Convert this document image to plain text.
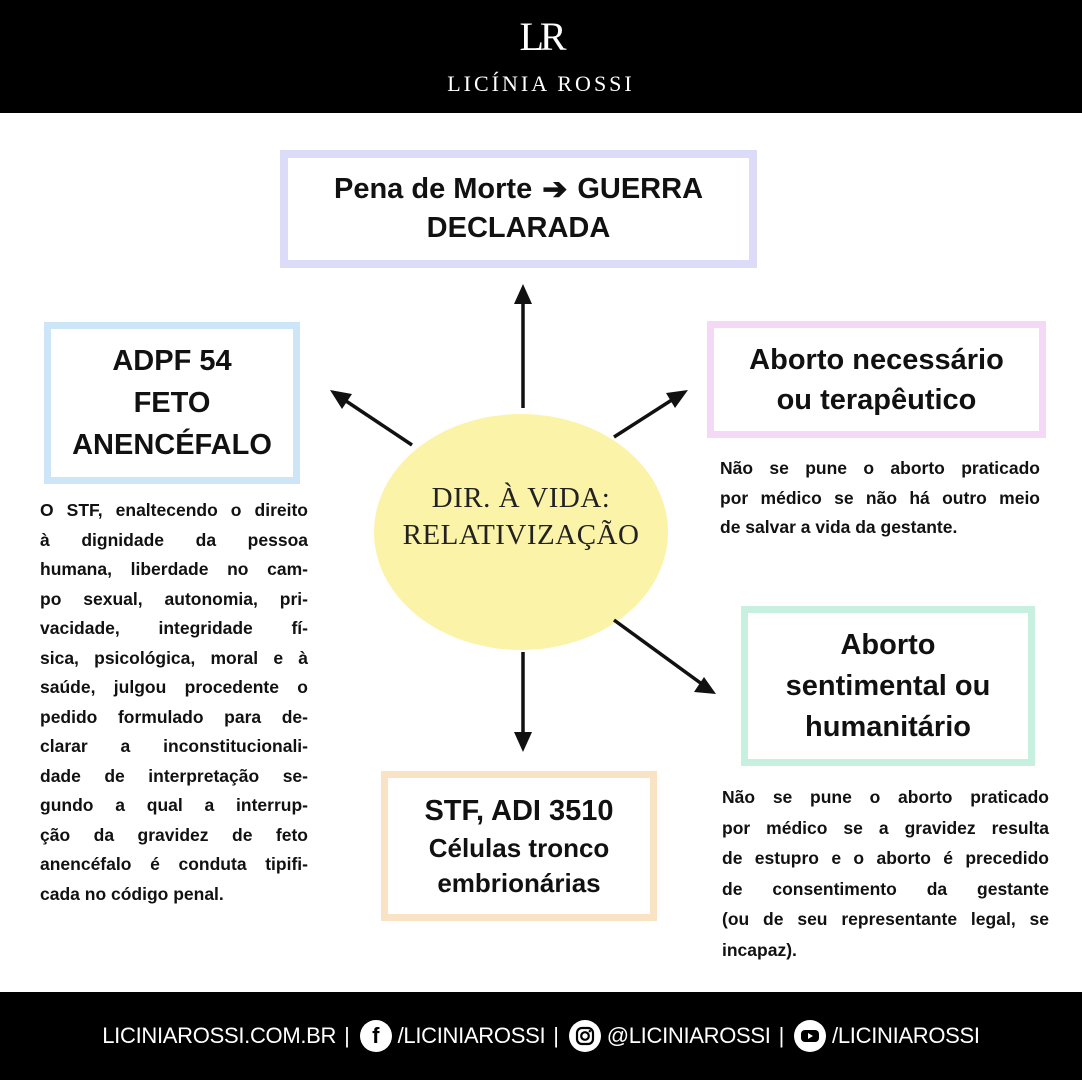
LR
LICÍNIA ROSSI
DIR. À VIDA:
RELATIVIZAÇÃO
Pena de Morte ➔ GUERRA
DECLARADA
ADPF 54
FETO
ANENCÉFALO
Aborto necessário
ou terapêutico
Aborto
sentimental ou
humanitário
STF, ADI 3510
Células tronco
embrionárias
O STF, enaltecendo o direito
à dignidade da pessoa
humana, liberdade no cam-
po sexual, autonomia, pri-
vacidade, integridade fí-
sica, psicológica, moral e à
saúde, julgou procedente o
pedido formulado para de-
clarar a inconstitucionali-
dade de interpretação se-
gundo a qual a interrup-
ção da gravidez de feto
anencéfalo é conduta tipifi-
cada no código penal.
Não se pune o aborto praticado
por médico se não há outro meio
de salvar a vida da gestante.
Não se pune o aborto praticado
por médico se a gravidez resulta
de estupro e o aborto é precedido
de consentimento da gestante
(ou de seu representante legal, se
incapaz).
LICINIAROSSI.COM.BR |	f /LICINIAROSSI | @LICINIAROSSI | /LICINIAROSSI
